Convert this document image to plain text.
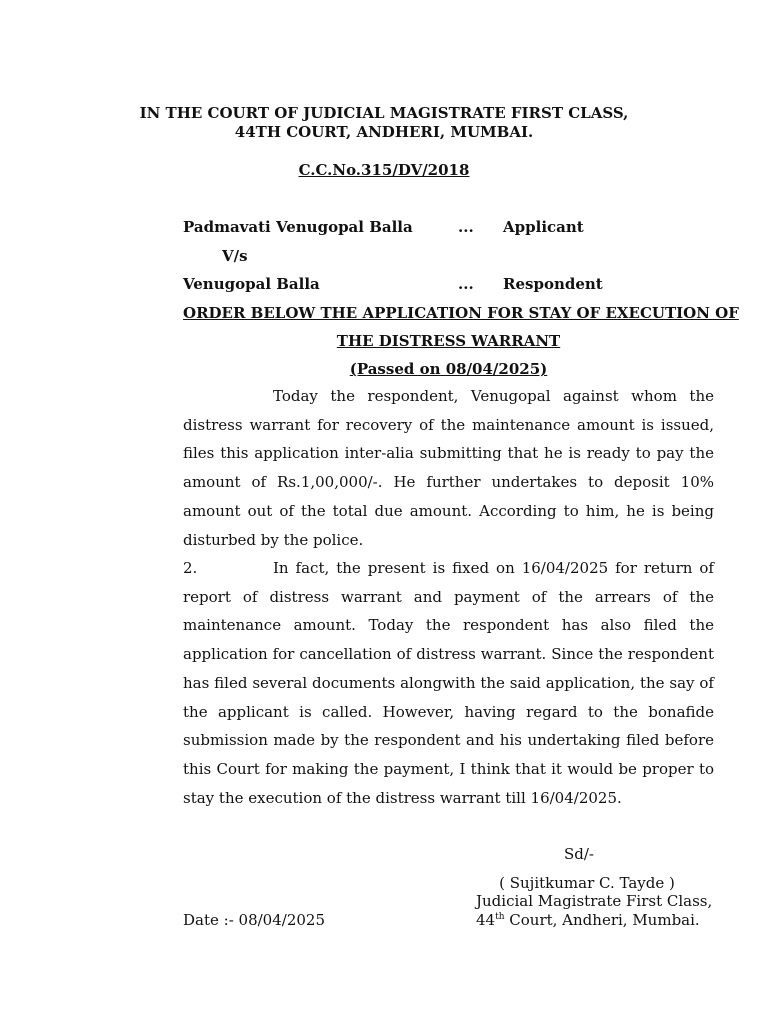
IN THE COURT OF JUDICIAL MAGISTRATE FIRST CLASS,
44TH COURT, ANDHERI, MUMBAI.
C.C.No.315/DV/2018
Padmavati Venugopal Balla	... Applicant
V/s
Venugopal Balla	... Respondent
ORDER BELOW THE APPLICATION FOR STAY OF EXECUTION OF
THE DISTRESS WARRANT
(Passed on 08/04/2025)
Today the respondent, Venugopal against whom the distress warrant for recovery of the maintenance amount is issued, files this application inter-alia submitting that he is ready to pay the amount of Rs.1,00,000/-. He further undertakes to deposit 10% amount out of the total due amount. According to him, he is being disturbed by the police.
2.	In fact, the present is fixed on 16/04/2025 for return of report of distress warrant and payment of the arrears of the maintenance amount. Today the respondent has also filed the application for cancellation of distress warrant. Since the respondent has filed several documents alongwith the said application, the say of the applicant is called. However, having regard to the bonafide submission made by the respondent and his undertaking filed before this Court for making the payment, I think that it would be proper to stay the execution of the distress warrant till 16/04/2025.
Sd/-
( Sujitkumar C. Tayde )
Judicial Magistrate First Class,
44th Court, Andheri, Mumbai.
Date :- 08/04/2025
